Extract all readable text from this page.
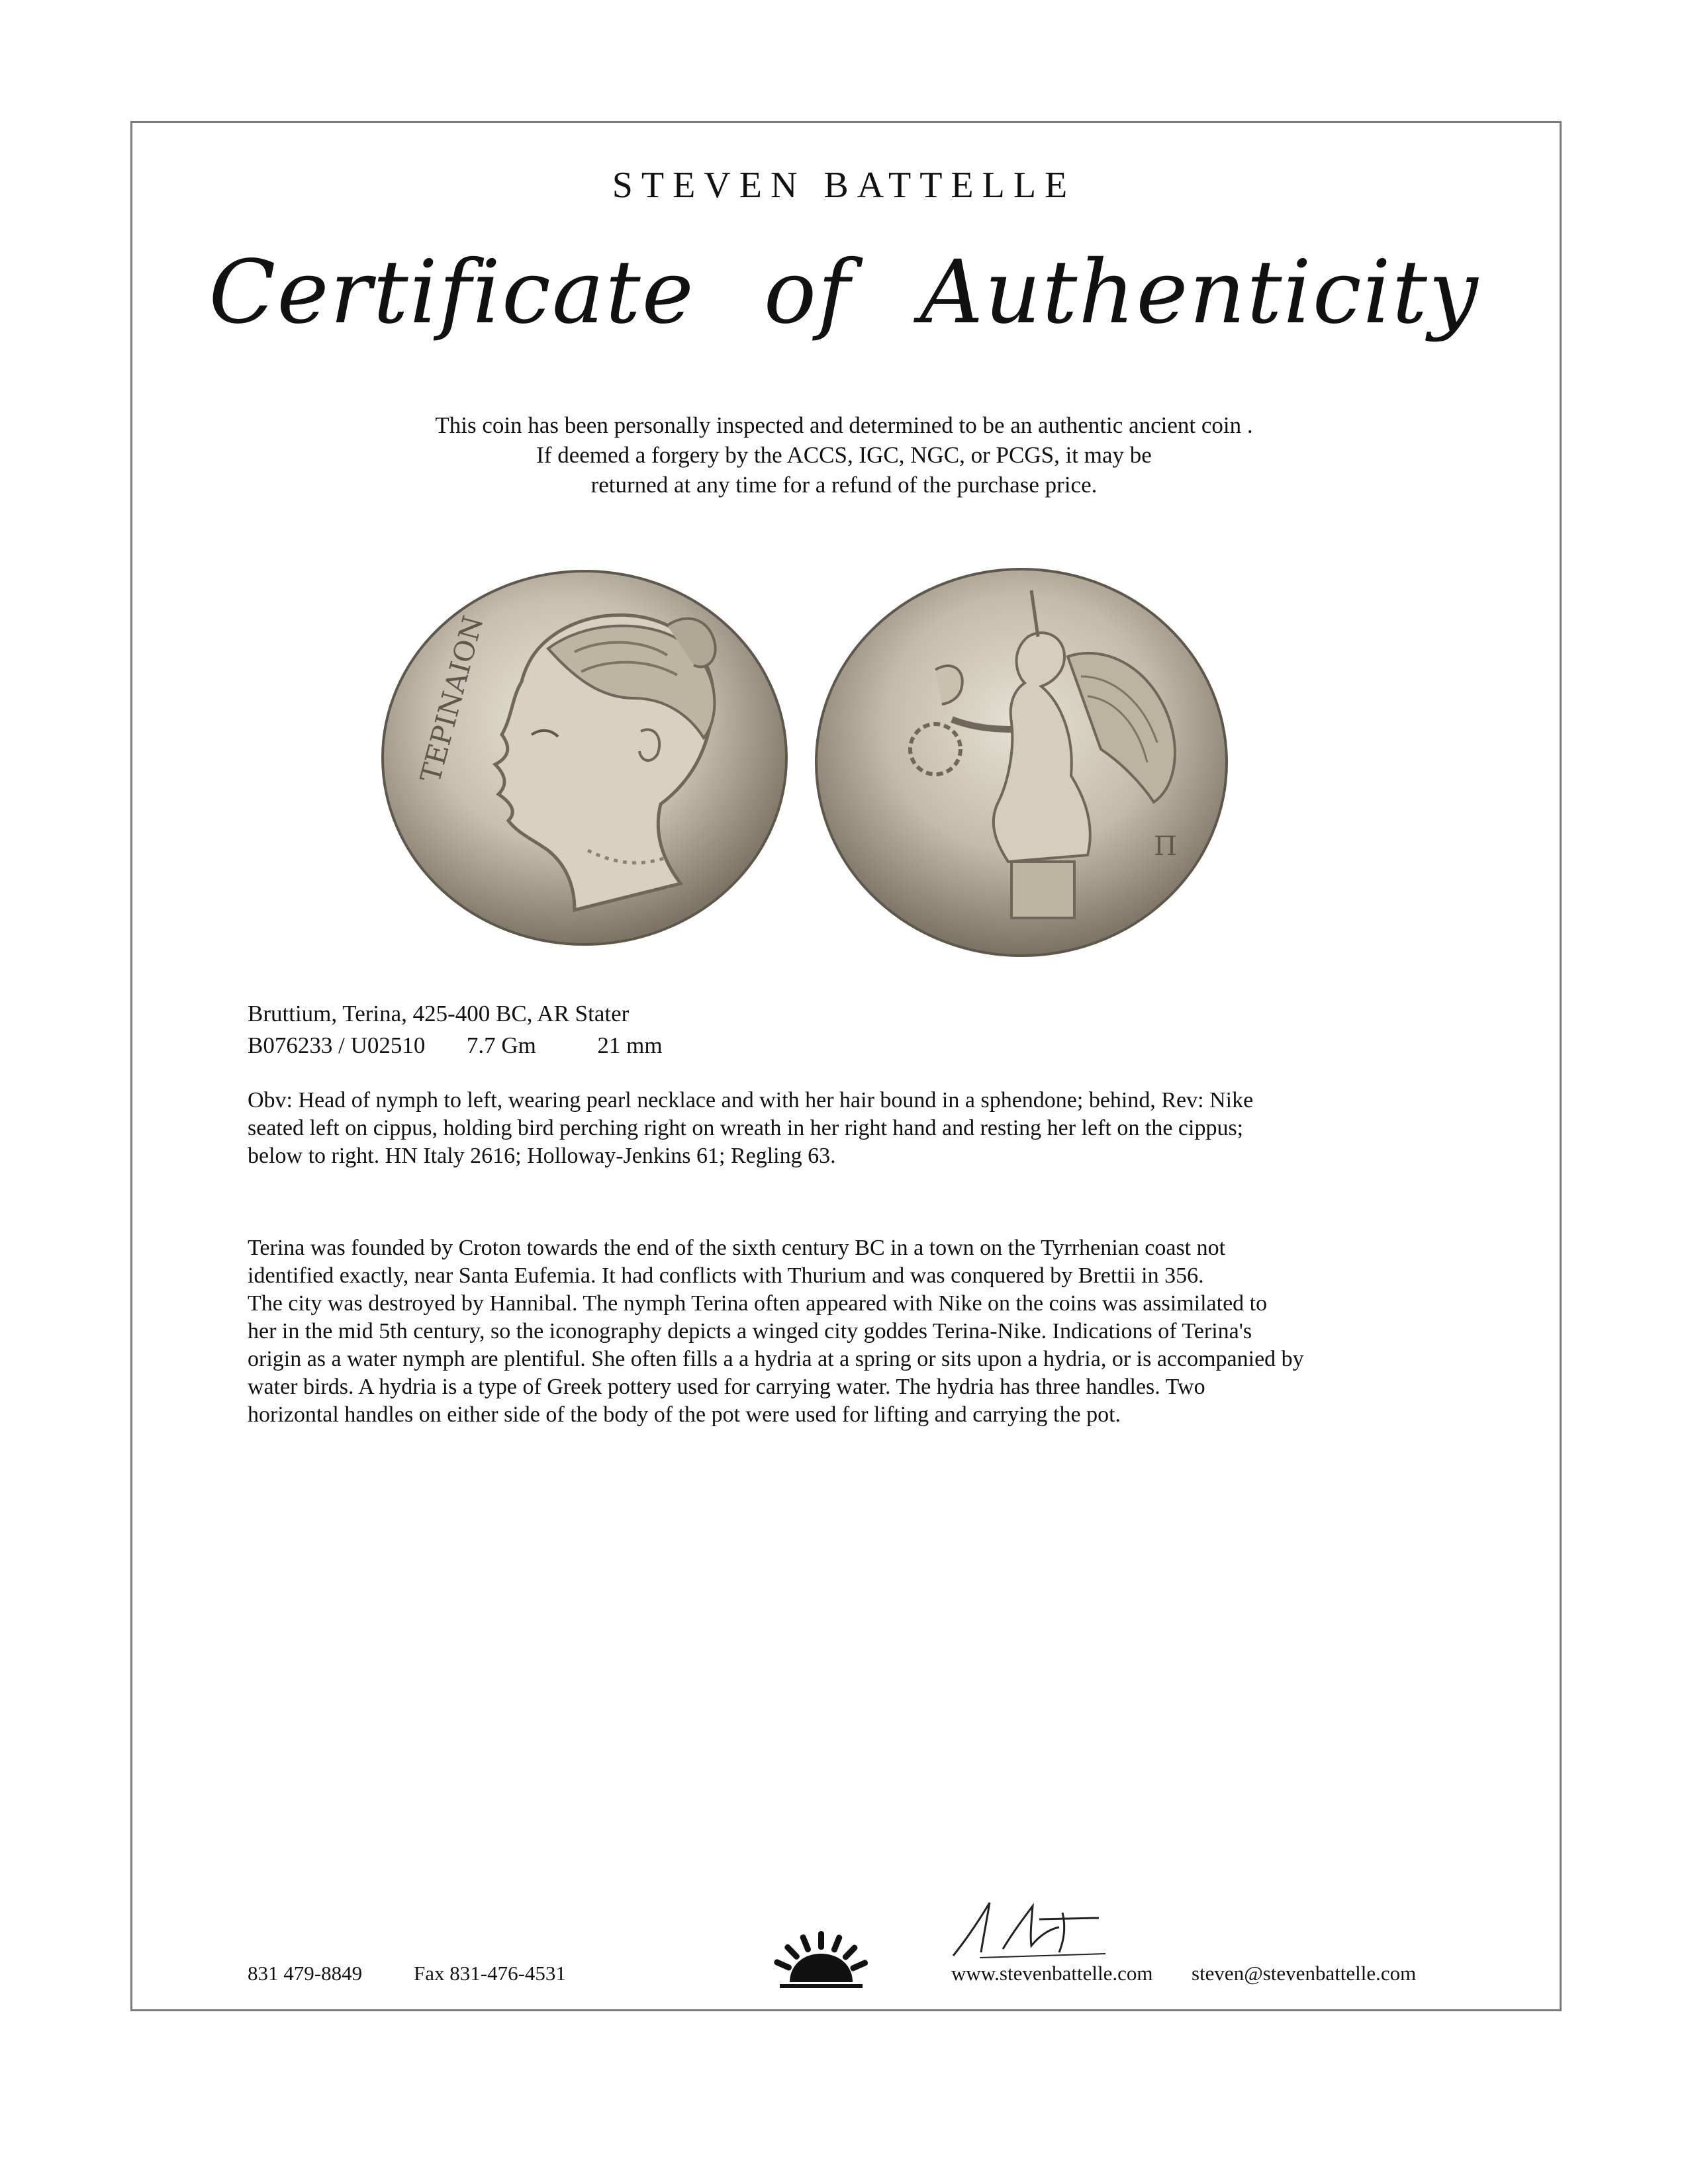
STEVEN BATTELLE
Certificate of Authenticity
This coin has been personally inspected and determined to be an authentic ancient coin .
If deemed a forgery by the ACCS, IGC, NGC, or PCGS, it may be
returned at any time for a refund of the purchase price.
ΤΕΡΙΝΑΙΟΝ
Π
Bruttium, Terina, 425-400 BC, AR Stater
B076233 / U02510 7.7 Gm	21 mm
Obv: Head of nymph to left, wearing pearl necklace and with her hair bound in a sphendone; behind, Rev: Nike
seated left on cippus, holding bird perching right on wreath in her right hand and resting her left on the cippus;
below to right. HN Italy 2616; Holloway-Jenkins 61; Regling 63.
Terina was founded by Croton towards the end of the sixth century BC in a town on the Tyrrhenian coast not
identified exactly, near Santa Eufemia. It had conflicts with Thurium and was conquered by Brettii in 356.
The city was destroyed by Hannibal. The nymph Terina often appeared with Nike on the coins was assimilated to
her in the mid 5th century, so the iconography depicts a winged city goddes Terina-Nike. Indications of Terina's
origin as a water nymph are plentiful. She often fills a a hydria at a spring or sits upon a hydria, or is accompanied by
water birds. A hydria is a type of Greek pottery used for carrying water. The hydria has three handles. Two
horizontal handles on either side of the body of the pot were used for lifting and carrying the pot.
831 479-8849	Fax 831-476-4531	www.stevenbattelle.com steven@stevenbattelle.com
